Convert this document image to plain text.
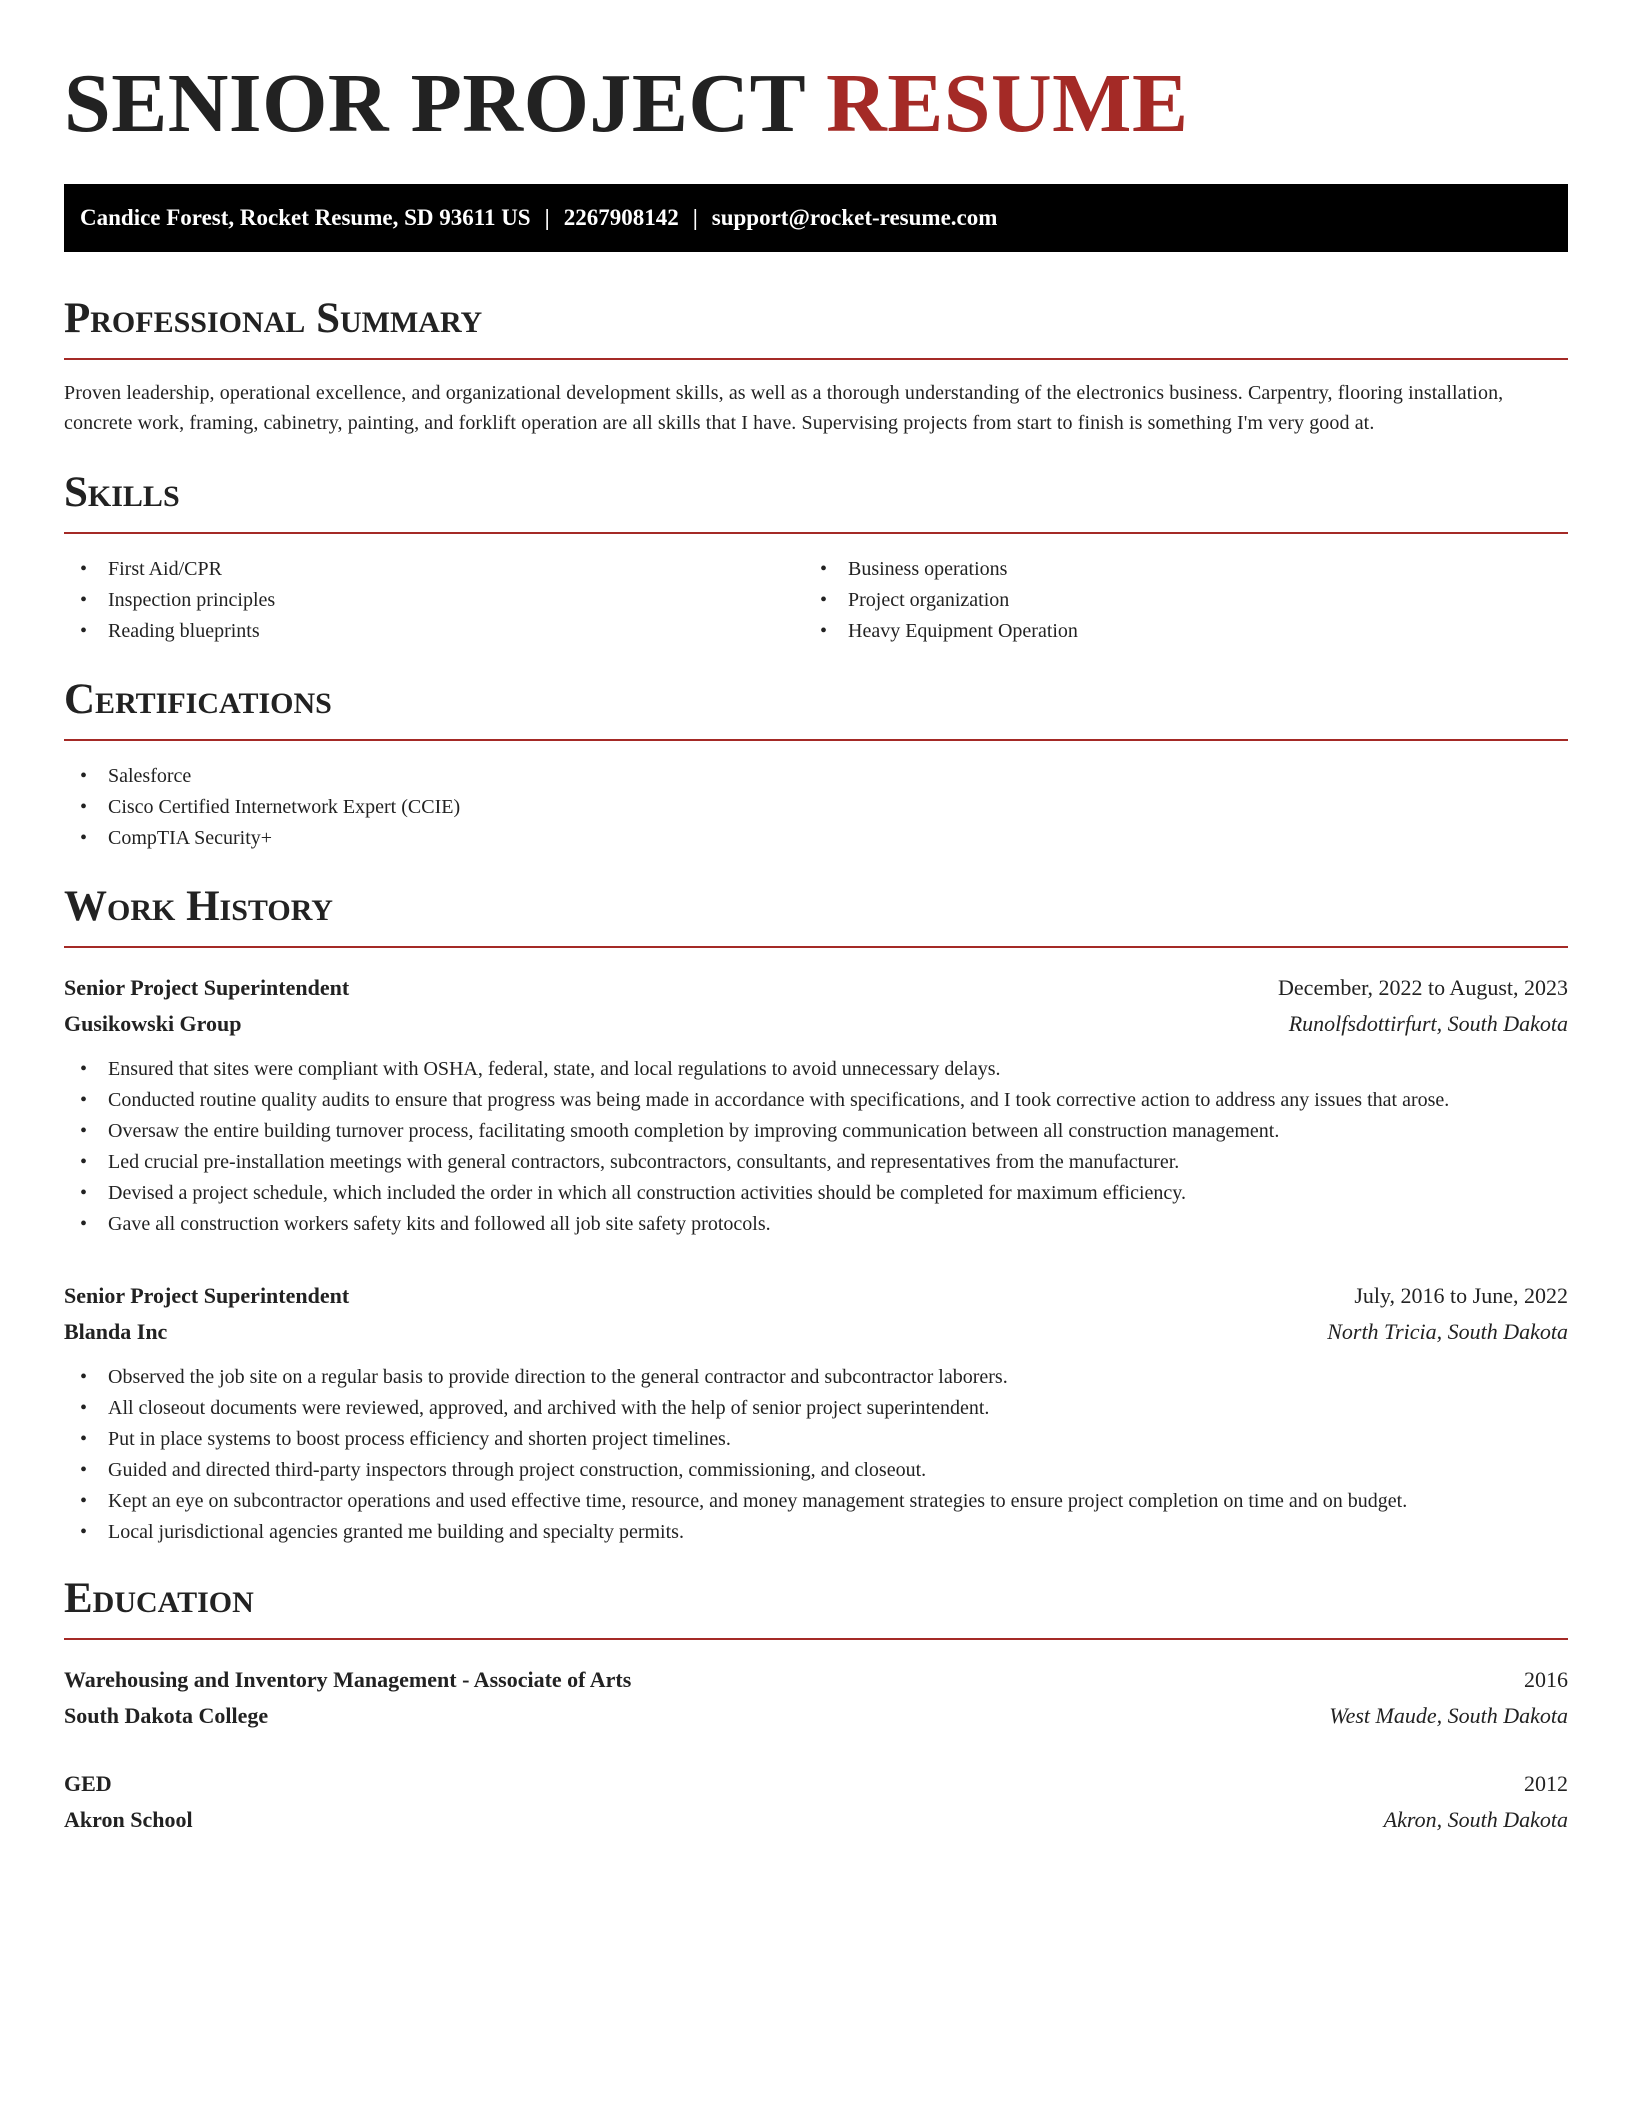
SENIOR PROJECT RESUME
Candice Forest, Rocket Resume, SD 93611 US | 2267908142 | support@rocket-resume.com
Professional Summary

Proven leadership, operational excellence, and organizational development skills, as well as a thorough understanding of the electronics business. Carpentry, flooring installation, concrete work, framing, cabinetry, painting, and forklift operation are all skills that I have. Supervising projects from start to finish is something I'm very good at.

Skills
• First Aid/CPR
• Inspection principles
• Reading blueprints
• Business operations
• Project organization
• Heavy Equipment Operation
Certifications
• Salesforce
• Cisco Certified Internetwork Expert (CCIE)
• CompTIA Security+
Work History
Senior Project Superintendent	December, 2022 to August, 2023
Gusikowski Group	Runolfsdottirfurt, South Dakota
• Ensured that sites were compliant with OSHA, federal, state, and local regulations to avoid unnecessary delays.
• Conducted routine quality audits to ensure that progress was being made in accordance with specifications, and I took corrective action to address any issues that arose.
• Oversaw the entire building turnover process, facilitating smooth completion by improving communication between all construction management.
• Led crucial pre-installation meetings with general contractors, subcontractors, consultants, and representatives from the manufacturer.
• Devised a project schedule, which included the order in which all construction activities should be completed for maximum efficiency.
• Gave all construction workers safety kits and followed all job site safety protocols.
Senior Project Superintendent	July, 2016 to June, 2022
Blanda Inc	North Tricia, South Dakota
• Observed the job site on a regular basis to provide direction to the general contractor and subcontractor laborers.
• All closeout documents were reviewed, approved, and archived with the help of senior project superintendent.
• Put in place systems to boost process efficiency and shorten project timelines.
• Guided and directed third-party inspectors through project construction, commissioning, and closeout.
• Kept an eye on subcontractor operations and used effective time, resource, and money management strategies to ensure project completion on time and on budget.
• Local jurisdictional agencies granted me building and specialty permits.
Education
Warehousing and Inventory Management - Associate of Arts	2016
South Dakota College	West Maude, South Dakota
GED	2012
Akron School	Akron, South Dakota
